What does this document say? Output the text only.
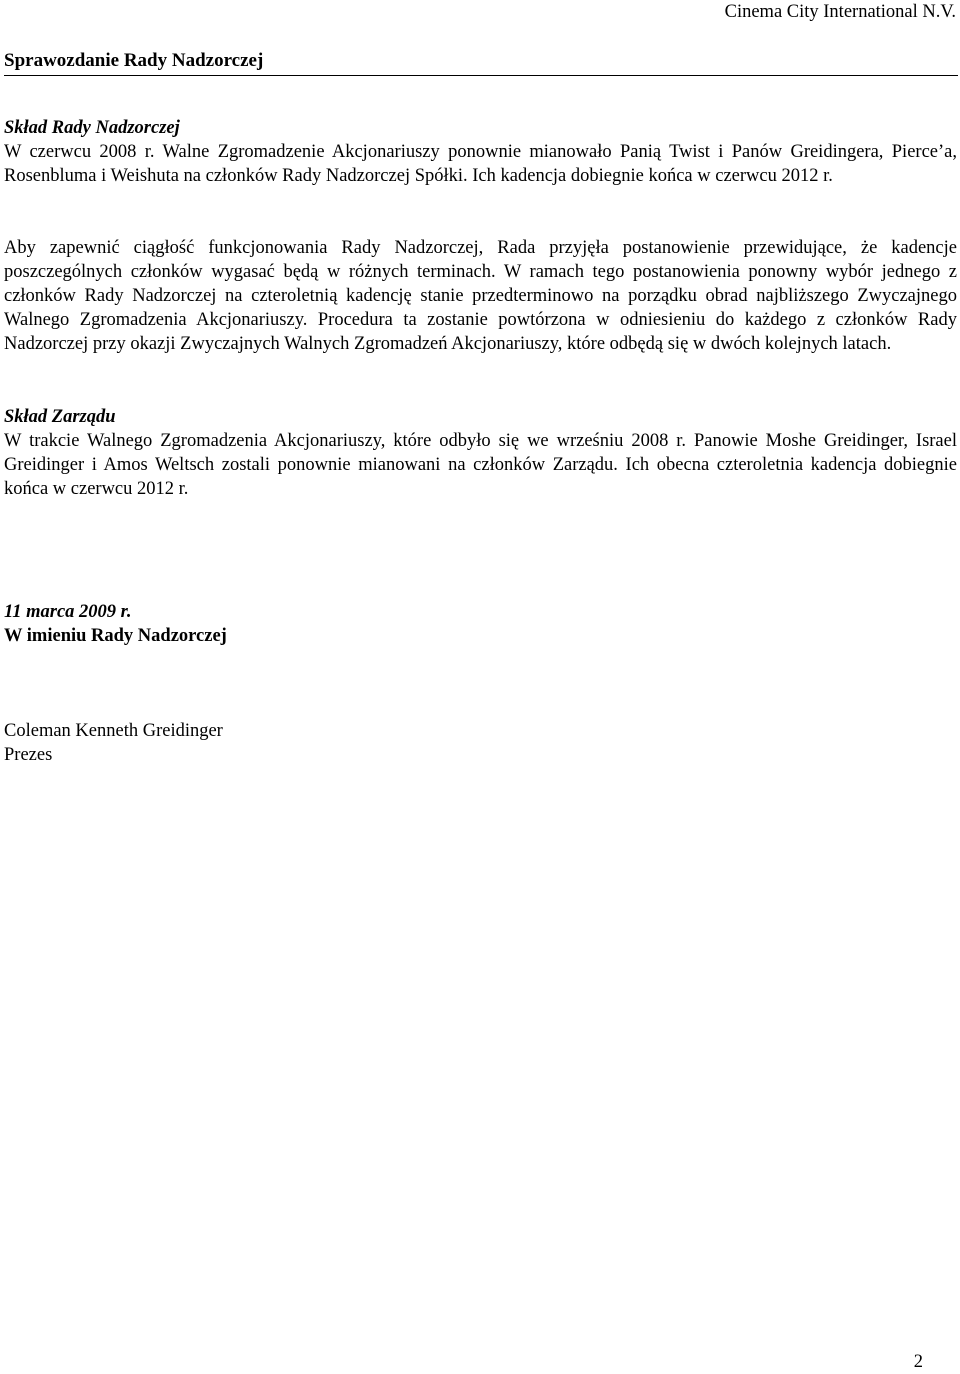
Cinema City International N.V.
Sprawozdanie Rady Nadzorczej
Skład Rady Nadzorczej
W czerwcu 2008 r. Walne Zgromadzenie Akcjonariuszy ponownie mianowało Panią Twist i Panów Greidingera, Pierce’a, Rosenbluma i Weishuta na członków Rady Nadzorczej Spółki. Ich kadencja dobiegnie końca w czerwcu 2012 r.
Aby zapewnić ciągłość funkcjonowania Rady Nadzorczej, Rada przyjęła postanowienie przewidujące, że kadencje poszczególnych członków wygasać będą w różnych terminach. W ramach tego postanowienia ponowny wybór jednego z członków Rady Nadzorczej na czteroletnią kadencję stanie przedterminowo na porządku obrad najbliższego Zwyczajnego Walnego Zgromadzenia Akcjonariuszy. Procedura ta zostanie powtórzona w odniesieniu do każdego z członków Rady Nadzorczej przy okazji Zwyczajnych Walnych Zgromadzeń Akcjonariuszy, które odbędą się w dwóch kolejnych latach.
Skład Zarządu
W trakcie Walnego Zgromadzenia Akcjonariuszy, które odbyło się we wrześniu 2008 r. Panowie Moshe Greidinger, Israel Greidinger i Amos Weltsch zostali ponownie mianowani na członków Zarządu. Ich obecna czteroletnia kadencja dobiegnie końca w czerwcu 2012 r.
11 marca 2009 r.
W imieniu Rady Nadzorczej
Coleman Kenneth Greidinger
Prezes
2
